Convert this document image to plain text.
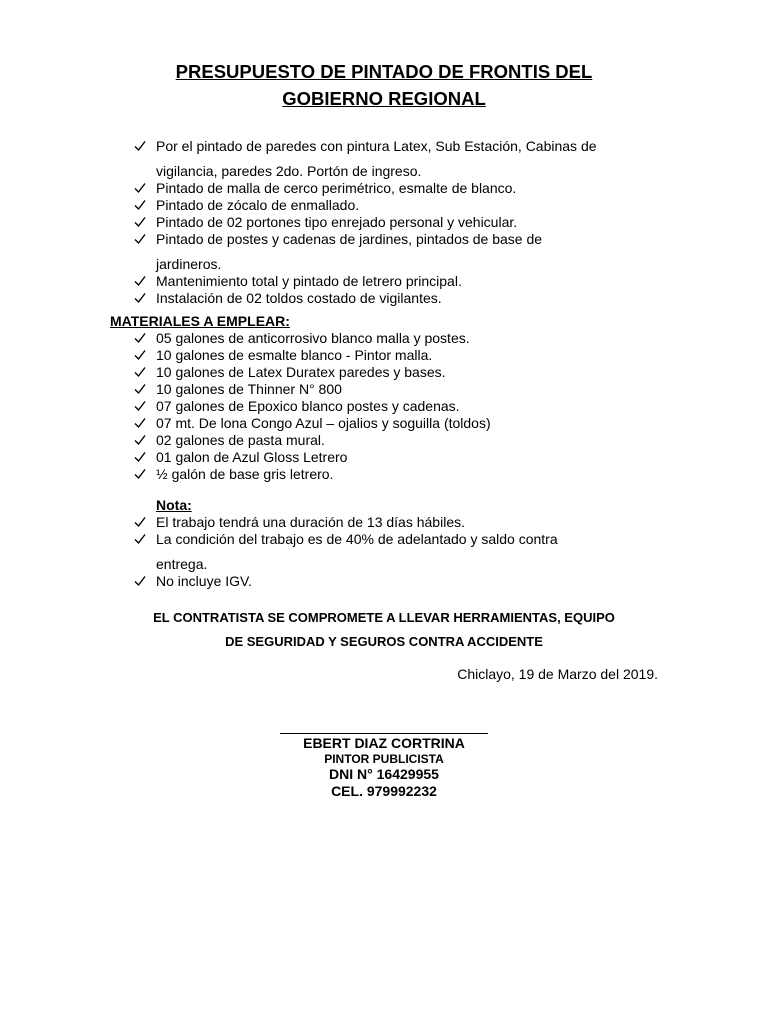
PRESUPUESTO DE PINTADO DE FRONTIS DEL
GOBIERNO REGIONAL
Por el pintado de paredes con pintura Latex, Sub Estación, Cabinas de
vigilancia, paredes 2do. Portón de ingreso.
Pintado de malla de cerco perimétrico, esmalte de blanco.
Pintado de zócalo de enmallado.
Pintado de 02 portones tipo enrejado personal y vehicular.
Pintado de postes y cadenas de jardines, pintados de base de
jardineros.
Mantenimiento total y pintado de letrero principal.
Instalación de 02 toldos costado de vigilantes.
MATERIALES A EMPLEAR:
05 galones de anticorrosivo blanco malla y postes.
10 galones de esmalte blanco - Pintor malla.
10 galones de Latex Duratex paredes y bases.
10 galones de Thinner N° 800
07 galones de Epoxico blanco postes y cadenas.
07 mt. De lona Congo Azul – ojalios y soguilla (toldos)
02 galones de pasta mural.
01 galon de Azul Gloss Letrero
½ galón de base gris letrero.
Nota:
El trabajo tendrá una duración de 13 días hábiles.
La condición del trabajo es de 40% de adelantado y saldo contra
entrega.
No incluye IGV.
EL CONTRATISTA SE COMPROMETE A LLEVAR HERRAMIENTAS, EQUIPO
DE SEGURIDAD Y SEGUROS CONTRA ACCIDENTE
Chiclayo, 19 de Marzo del 2019.
EBERT DIAZ CORTRINA
PINTOR PUBLICISTA
DNI N° 16429955
CEL. 979992232
